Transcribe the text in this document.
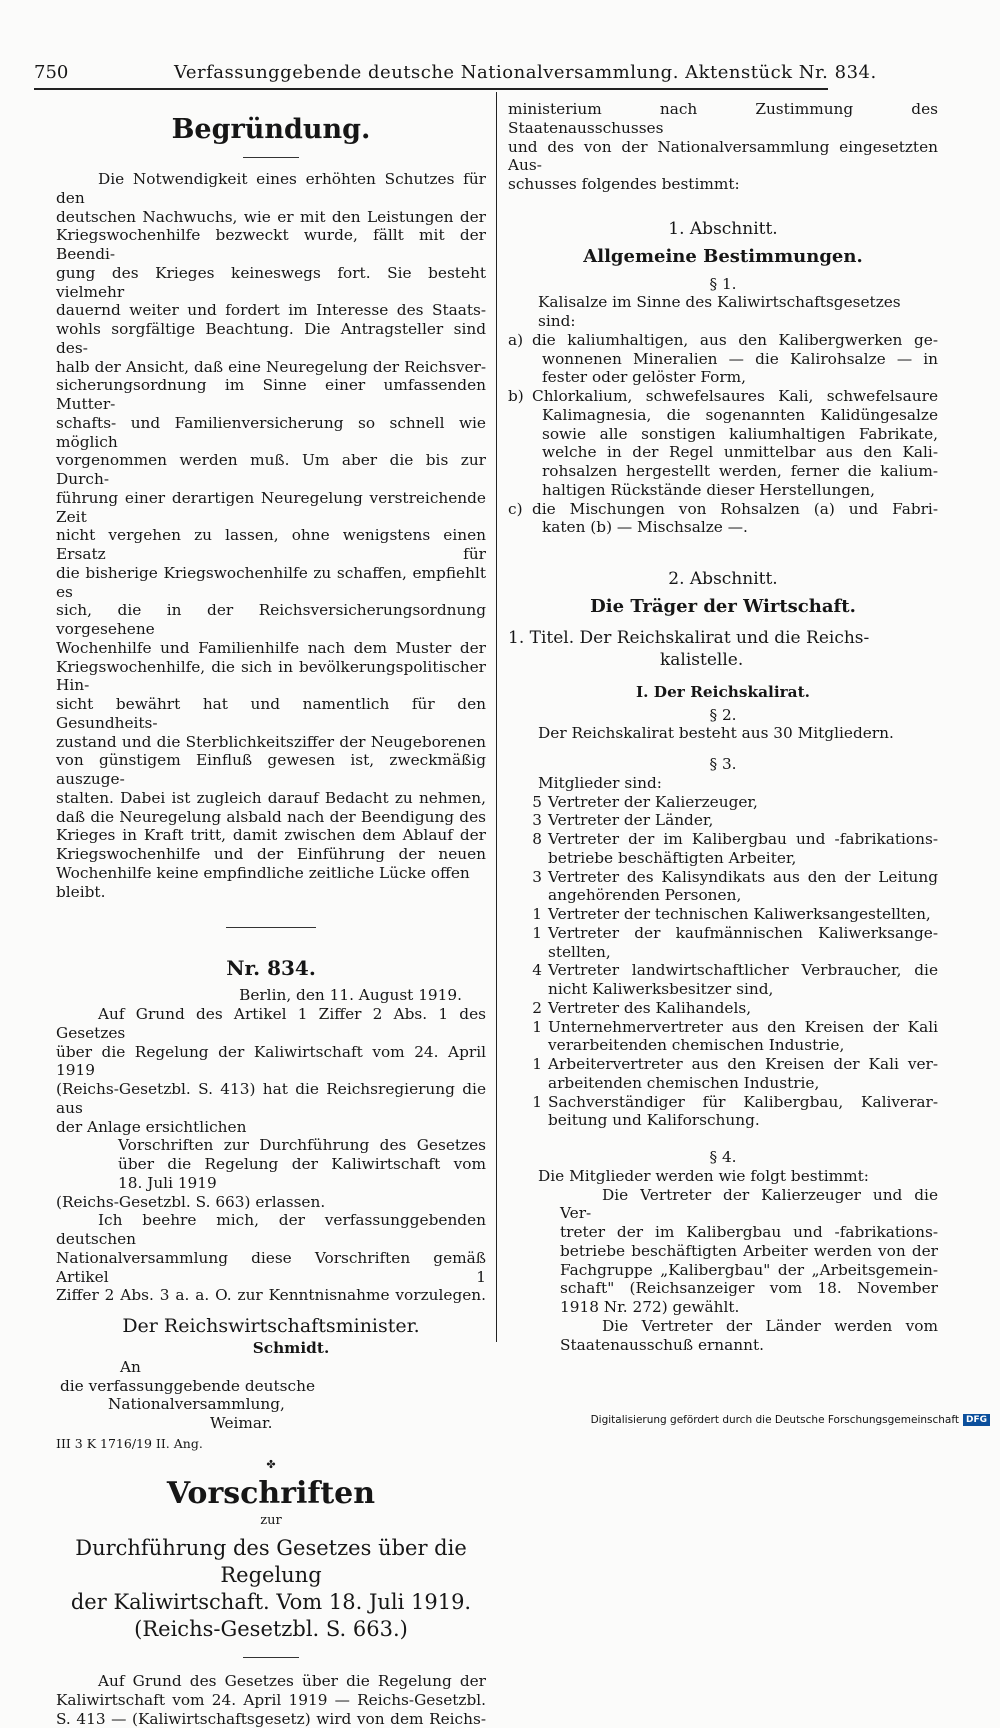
750	Verfassunggebende deutsche Nationalversammlung. Aktenstück Nr. 834.
Begründung.
Die Notwendigkeit eines erhöhten Schutzes für den
deutschen Nachwuchs, wie er mit den Leistungen der
Kriegswochenhilfe bezweckt wurde, fällt mit der Beendi-
gung des Krieges keineswegs fort. Sie besteht vielmehr
dauernd weiter und fordert im Interesse des Staats-
wohls sorgfältige Beachtung. Die Antragsteller sind des-
halb der Ansicht, daß eine Neuregelung der Reichsver-
sicherungsordnung im Sinne einer umfassenden Mutter-
schafts- und Familienversicherung so schnell wie möglich
vorgenommen werden muß. Um aber die bis zur Durch-
führung einer derartigen Neuregelung verstreichende Zeit
nicht vergehen zu lassen, ohne wenigstens einen Ersatz für
die bisherige Kriegswochenhilfe zu schaffen, empfiehlt es
sich, die in der Reichsversicherungsordnung vorgesehene
Wochenhilfe und Familienhilfe nach dem Muster der
Kriegswochenhilfe, die sich in bevölkerungspolitischer Hin-
sicht bewährt hat und namentlich für den Gesundheits-
zustand und die Sterblichkeitsziffer der Neugeborenen
von günstigem Einfluß gewesen ist, zweckmäßig auszuge-
stalten. Dabei ist zugleich darauf Bedacht zu nehmen,
daß die Neuregelung alsbald nach der Beendigung des
Krieges in Kraft tritt, damit zwischen dem Ablauf der
Kriegswochenhilfe und der Einführung der neuen
Wochenhilfe keine empfindliche zeitliche Lücke offen bleibt.
Nr. 834.
Berlin, den 11. August 1919.
Auf Grund des Artikel 1 Ziffer 2 Abs. 1 des Gesetzes
über die Regelung der Kaliwirtschaft vom 24. April 1919
(Reichs-Gesetzbl. S. 413) hat die Reichsregierung die aus
der Anlage ersichtlichen
Vorschriften zur Durchführung des Gesetzes
über die Regelung der Kaliwirtschaft vom
18. Juli 1919
(Reichs-Gesetzbl. S. 663) erlassen.
Ich beehre mich, der verfassunggebenden deutschen
Nationalversammlung diese Vorschriften gemäß Artikel 1
Ziffer 2 Abs. 3 a. a. O. zur Kenntnisnahme vorzulegen.
Der Reichswirtschaftsminister.
Schmidt.
An
die verfassunggebende deutsche
Nationalversammlung,
Weimar.
III 3 K 1716/19 II. Ang.
✤
Vorschriften
zur
Durchführung des Gesetzes über die Regelung
der Kaliwirtschaft. Vom 18. Juli 1919.
(Reichs-Gesetzbl. S. 663.)
Auf Grund des Gesetzes über die Regelung der
Kaliwirtschaft vom 24. April 1919 — Reichs-Gesetzbl.
S. 413 — (Kaliwirtschaftsgesetz) wird von dem Reichs-
ministerium nach Zustimmung des Staatenausschusses
und des von der Nationalversammlung eingesetzten Aus-
schusses folgendes bestimmt:
1. Abschnitt.
Allgemeine Bestimmungen.
§ 1.
Kalisalze im Sinne des Kaliwirtschaftsgesetzes sind:
a) die kaliumhaltigen, aus den Kalibergwerken ge-
wonnenen Mineralien — die Kalirohsalze — in
fester oder gelöster Form,
b) Chlorkalium, schwefelsaures Kali, schwefelsaure
Kalimagnesia, die sogenannten Kalidüngesalze
sowie alle sonstigen kaliumhaltigen Fabrikate,
welche in der Regel unmittelbar aus den Kali-
rohsalzen hergestellt werden, ferner die kalium-
haltigen Rückstände dieser Herstellungen,
c) die Mischungen von Rohsalzen (a) und Fabri-
katen (b) — Mischsalze —.
2. Abschnitt.
Die Träger der Wirtschaft.
1. Titel. Der Reichskalirat und die Reichs-
kalistelle.
I. Der Reichskalirat.
§ 2.
Der Reichskalirat besteht aus 30 Mitgliedern.
§ 3.
Mitglieder sind:
5 Vertreter der Kalierzeuger,
3 Vertreter der Länder,
8 Vertreter der im Kalibergbau und -fabrikations-
betriebe beschäftigten Arbeiter,
3 Vertreter des Kalisyndikats aus den der Leitung
angehörenden Personen,
1 Vertreter der technischen Kaliwerksangestellten,
1 Vertreter der kaufmännischen Kaliwerksange-
stellten,
4 Vertreter landwirtschaftlicher Verbraucher, die
nicht Kaliwerksbesitzer sind,
2 Vertreter des Kalihandels,
1 Unternehmervertreter aus den Kreisen der Kali
verarbeitenden chemischen Industrie,
1 Arbeitervertreter aus den Kreisen der Kali ver-
arbeitenden chemischen Industrie,
1 Sachverständiger für Kalibergbau, Kaliverar-
beitung und Kaliforschung.
§ 4.
Die Mitglieder werden wie folgt bestimmt:
Die Vertreter der Kalierzeuger und die Ver-
treter der im Kalibergbau und -fabrikations-
betriebe beschäftigten Arbeiter werden von der
Fachgruppe „Kalibergbau" der „Arbeitsgemein-
schaft" (Reichsanzeiger vom 18. November
1918 Nr. 272) gewählt.
Die Vertreter der Länder werden vom
Staatenausschuß ernannt.
Digitalisierung gefördert durch die Deutsche Forschungsgemeinschaft DFG
